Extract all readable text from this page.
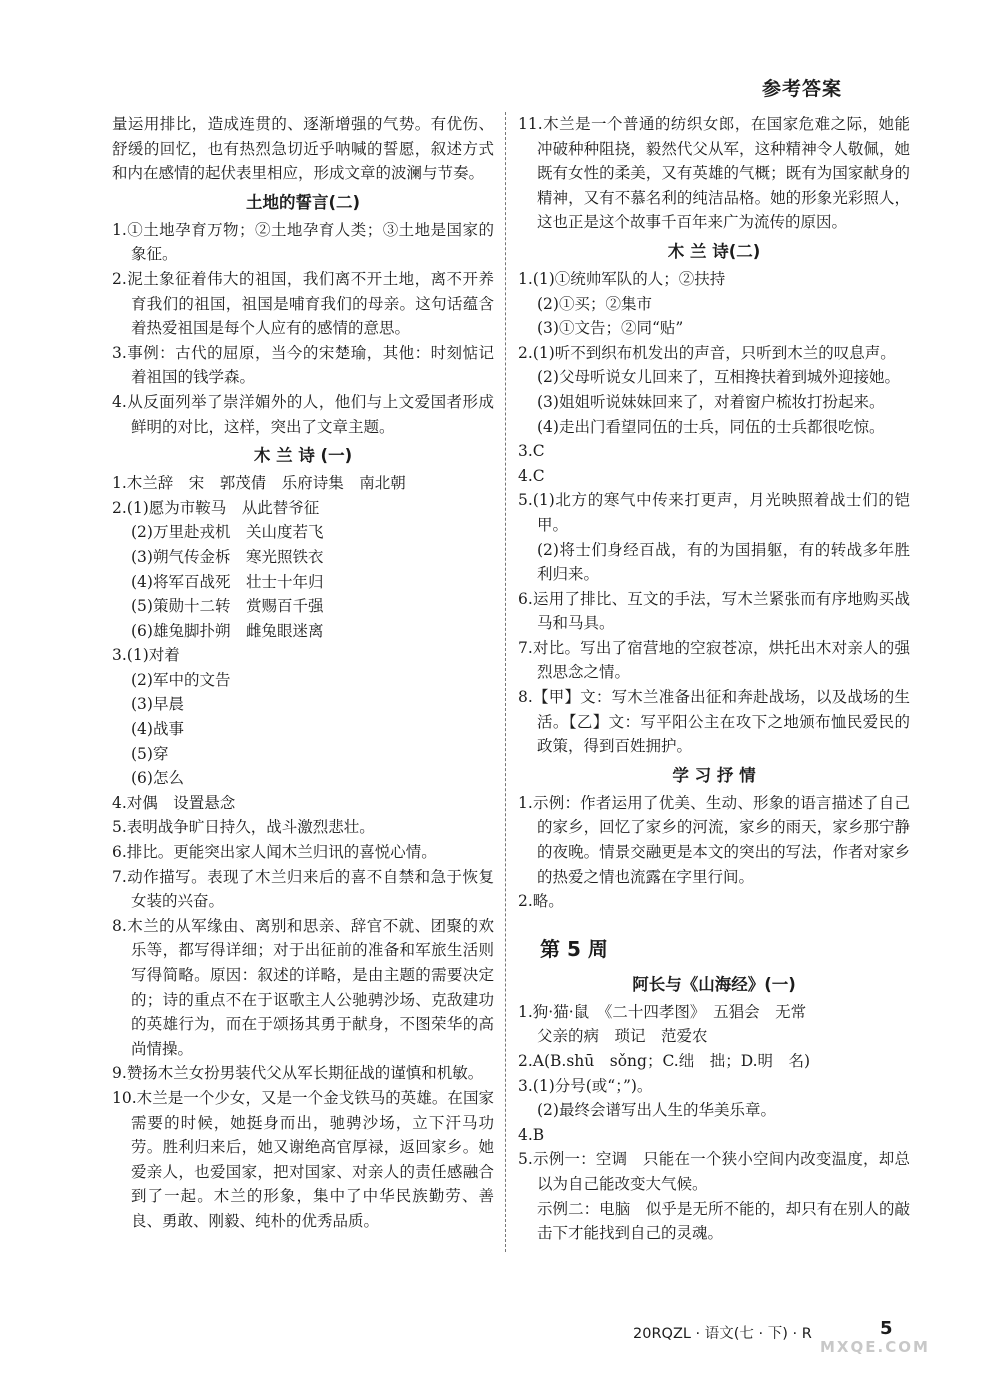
参考答案

量运用排比，造成连贯的、逐渐增强的气势。有优伤、舒缓的回忆，也有热烈急切近乎呐喊的誓愿，叙述方式和内在感情的起伏表里相应，形成文章的波澜与节奏。

土地的誓言(二)

1.①土地孕育万物；②土地孕育人类；③土地是国家的象征。

2.泥土象征着伟大的祖国，我们离不开土地，离不开养育我们的祖国，祖国是哺育我们的母亲。这句话蕴含着热爱祖国是每个人应有的感情的意思。

3.事例：古代的屈原，当今的宋楚瑜，其他：时刻惦记着祖国的钱学森。

4.从反面列举了崇洋媚外的人，他们与上文爱国者形成鲜明的对比，这样，突出了文章主题。

木 兰 诗 (一)

1.木兰辞　宋　郭茂倩　乐府诗集　南北朝

2.(1)愿为市鞍马　从此替爷征

(2)万里赴戎机　关山度若飞

(3)朔气传金柝　寒光照铁衣

(4)将军百战死　壮士十年归

(5)策勋十二转　赏赐百千强

(6)雄兔脚扑朔　雌兔眼迷离

3.(1)对着

(2)军中的文告

(3)早晨

(4)战事

(5)穿

(6)怎么

4.对偶　设置悬念

5.表明战争旷日持久，战斗激烈悲壮。

6.排比。更能突出家人闻木兰归讯的喜悦心情。

7.动作描写。表现了木兰归来后的喜不自禁和急于恢复女装的兴奋。

8.木兰的从军缘由、离别和思亲、辞官不就、团聚的欢乐等，都写得详细；对于出征前的准备和军旅生活则写得简略。原因：叙述的详略，是由主题的需要决定的；诗的重点不在于讴歌主人公驰骋沙场、克敌建功的英雄行为，而在于颂扬其勇于献身，不图荣华的高尚情操。

9.赞扬木兰女扮男装代父从军长期征战的谨慎和机敏。

10.木兰是一个少女，又是一个金戈铁马的英雄。在国家需要的时候，她挺身而出，驰骋沙场，立下汗马功劳。胜利归来后，她又谢绝高官厚禄，返回家乡。她爱亲人，也爱国家，把对国家、对亲人的责任感融合到了一起。木兰的形象，集中了中华民族勤劳、善良、勇敢、刚毅、纯朴的优秀品质。

11.木兰是一个普通的纺织女郎，在国家危难之际，她能冲破种种阻挠，毅然代父从军，这种精神令人敬佩，她既有女性的柔美，又有英雄的气概；既有为国家献身的精神，又有不慕名利的纯洁品格。她的形象光彩照人，这也正是这个故事千百年来广为流传的原因。

木 兰 诗(二)

1.(1)①统帅军队的人；②扶持

(2)①买；②集市

(3)①文告；②同“贴”

2.(1)听不到织布机发出的声音，只听到木兰的叹息声。

(2)父母听说女儿回来了，互相搀扶着到城外迎接她。

(3)姐姐听说妹妹回来了，对着窗户梳妆打扮起来。

(4)走出门看望同伍的士兵，同伍的士兵都很吃惊。

3.C

4.C

5.(1)北方的寒气中传来打更声，月光映照着战士们的铠甲。

(2)将士们身经百战，有的为国捐躯，有的转战多年胜利归来。

6.运用了排比、互文的手法，写木兰紧张而有序地购买战马和马具。

7.对比。写出了宿营地的空寂苍凉，烘托出木对亲人的强烈思念之情。

8.【甲】文：写木兰准备出征和奔赴战场，以及战场的生活。【乙】文：写平阳公主在攻下之地颁布恤民爱民的政策，得到百姓拥护。

学 习 抒 情

1.示例：作者运用了优美、生动、形象的语言描述了自己的家乡，回忆了家乡的河流，家乡的雨天，家乡那宁静的夜晚。情景交融更是本文的突出的写法，作者对家乡的热爱之情也流露在字里行间。

2.略。

第 5 周

阿长与《山海经》(一)

1.狗·猫·鼠　《二十四孝图》　五猖会　无常

父亲的病　琐记　范爱农

2.A(B.shū　sǒng；C.绌　拙；D.明　名)

3.(1)分号(或“；”)。

(2)最终会谱写出人生的华美乐章。

4.B

5.示例一：空调　只能在一个狭小空间内改变温度，却总以为自己能改变大气候。

示例二：电脑　似乎是无所不能的，却只有在别人的敲击下才能找到自己的灵魂。

20RQZL · 语文(七 · 下) · R	5
MXQE.COM
